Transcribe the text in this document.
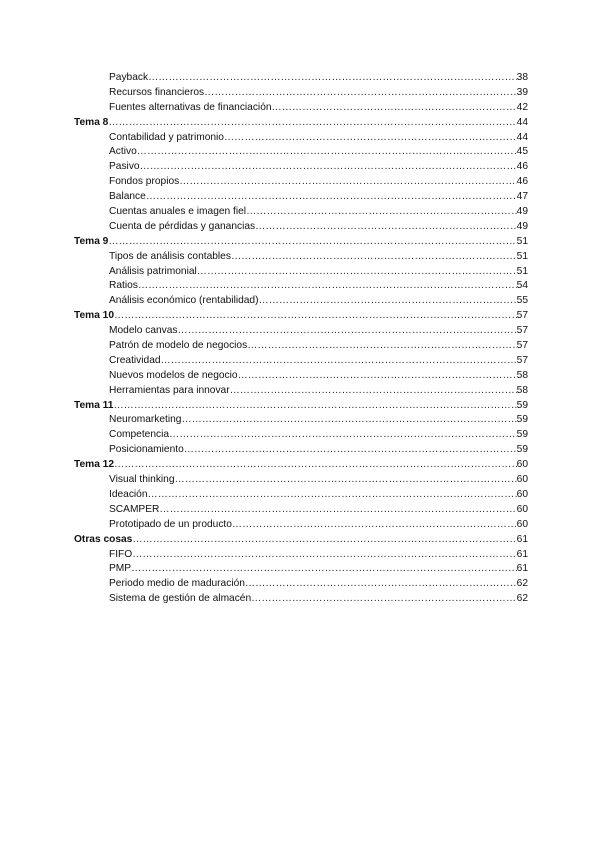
Payback ……………………………………………………………………………………………………………………………………………………………………………………………………………………	38
Recursos financieros ……………………………………………………………………………………………………………………………………………………………………………………………………………………	39
Fuentes alternativas de financiación ……………………………………………………………………………………………………………………………………………………………………………………………………………………	42
Tema 8 ……………………………………………………………………………………………………………………………………………………………………………………………………………………	44
Contabilidad y patrimonio ……………………………………………………………………………………………………………………………………………………………………………………………………………………	44
Activo ……………………………………………………………………………………………………………………………………………………………………………………………………………………	45
Pasivo ……………………………………………………………………………………………………………………………………………………………………………………………………………………	46
Fondos propios ……………………………………………………………………………………………………………………………………………………………………………………………………………………	46
Balance ……………………………………………………………………………………………………………………………………………………………………………………………………………………	47
Cuentas anuales e imagen fiel ……………………………………………………………………………………………………………………………………………………………………………………………………………………	49
Cuenta de pérdidas y ganancias ……………………………………………………………………………………………………………………………………………………………………………………………………………………	49
Tema 9 ……………………………………………………………………………………………………………………………………………………………………………………………………………………	51
Tipos de análisis contables ……………………………………………………………………………………………………………………………………………………………………………………………………………………	51
Análisis patrimonial ……………………………………………………………………………………………………………………………………………………………………………………………………………………	51
Ratios ……………………………………………………………………………………………………………………………………………………………………………………………………………………	54
Análisis económico (rentabilidad) ……………………………………………………………………………………………………………………………………………………………………………………………………………………	55
Tema 10 ……………………………………………………………………………………………………………………………………………………………………………………………………………………	57
Modelo canvas ……………………………………………………………………………………………………………………………………………………………………………………………………………………	57
Patrón de modelo de negocios ……………………………………………………………………………………………………………………………………………………………………………………………………………………	57
Creatividad ……………………………………………………………………………………………………………………………………………………………………………………………………………………	57
Nuevos modelos de negocio ……………………………………………………………………………………………………………………………………………………………………………………………………………………	58
Herramientas para innovar ……………………………………………………………………………………………………………………………………………………………………………………………………………………	58
Tema 11 ……………………………………………………………………………………………………………………………………………………………………………………………………………………	59
Neuromarketing ……………………………………………………………………………………………………………………………………………………………………………………………………………………	59
Competencia ……………………………………………………………………………………………………………………………………………………………………………………………………………………	59
Posicionamiento ……………………………………………………………………………………………………………………………………………………………………………………………………………………	59
Tema 12 ……………………………………………………………………………………………………………………………………………………………………………………………………………………	60
Visual thinking ……………………………………………………………………………………………………………………………………………………………………………………………………………………	60
Ideación ……………………………………………………………………………………………………………………………………………………………………………………………………………………	60
SCAMPER ……………………………………………………………………………………………………………………………………………………………………………………………………………………	60
Prototipado de un producto ……………………………………………………………………………………………………………………………………………………………………………………………………………………	60
Otras cosas ……………………………………………………………………………………………………………………………………………………………………………………………………………………	61
FIFO ……………………………………………………………………………………………………………………………………………………………………………………………………………………	61
PMP ……………………………………………………………………………………………………………………………………………………………………………………………………………………	61
Periodo medio de maduración ……………………………………………………………………………………………………………………………………………………………………………………………………………………	62
Sistema de gestión de almacén ……………………………………………………………………………………………………………………………………………………………………………………………………………………	62
